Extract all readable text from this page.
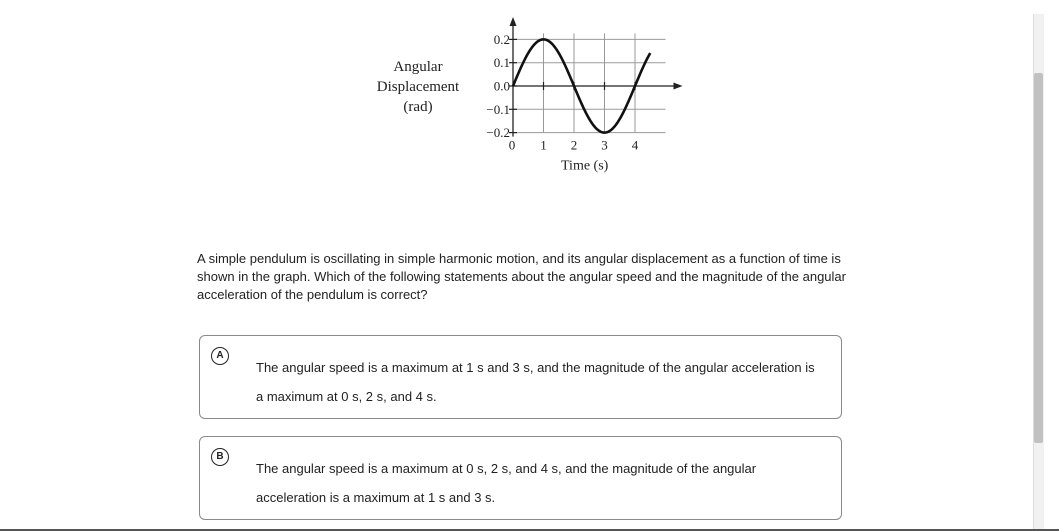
Angular
Displacement
(rad)
0.2
0.1
0.0
−0.1
−0.2
0 1 2 3 4
Time (s)

A simple pendulum is oscillating in simple harmonic motion, and its angular displacement as a function of time is shown in the graph. Which of the following statements about the angular speed and the magnitude of the angular acceleration of the pendulum is correct?

A
The angular speed is a maximum at 1 s and 3 s, and the magnitude of the angular acceleration is a maximum at 0 s, 2 s, and 4 s.
B
The angular speed is a maximum at 0 s, 2 s, and 4 s, and the magnitude of the angular acceleration is a maximum at 1 s and 3 s.
